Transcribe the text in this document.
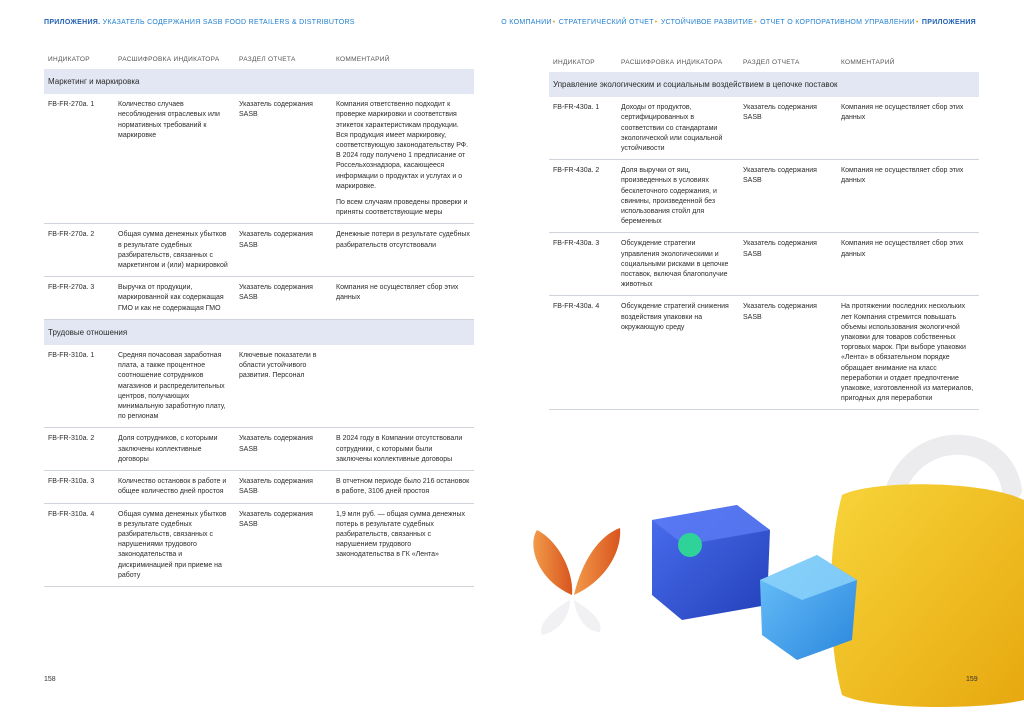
ПРИЛОЖЕНИЯ. УКАЗАТЕЛЬ СОДЕРЖАНИЯ SASB FOOD RETAILERS & DISTRIBUTORS
ИНДИКАТОР	РАСШИФРОВКА ИНДИКАТОРА	РАЗДЕЛ ОТЧЕТА	КОММЕНТАРИЙ
Маркетинг и маркировка			
FB-FR-270a. 1	Количество случаев несоблюдения отраслевых или нормативных требований к маркировке	Указатель содержания SASB	Компания ответственно подходит к проверке маркировки и соответствия этикеток характеристикам продукции. Вся продукция имеет маркировку, соответствующую законодательству РФ. В 2024 году получено 1 предписание от Россельхознадзора, касающееся информации о продуктах и услугах и о маркировке.

По всем случаям проведены проверки и приняты соответствующие меры

FB-FR-270a. 2	Общая сумма денежных убытков в результате судебных разбирательств, связанных с маркетингом и (или) маркировкой	Указатель содержания SASB	Денежные потери в результате судебных разбирательств отсутствовали

FB-FR-270a. 3	Выручка от продукции, маркированной как содержащая ГМО и как не содержащая ГМО	Указатель содержания SASB	Компания не осуществляет сбор этих данных

Трудовые отношения			
FB-FR-310a. 1	Средняя почасовая заработная плата, а также процентное соотношение сотрудников магазинов и распределительных центров, получающих минимальную заработную плату, по регионам	Ключевые показатели в области устойчивого развития. Персонал	

FB-FR-310a. 2	Доля сотрудников, с которыми заключены коллективные договоры	Указатель содержания SASB	В 2024 году в Компании отсутствовали сотрудники, с которыми были заключены коллективные договоры

FB-FR-310a. 3	Количество остановок в работе и общее количество дней простоя	Указатель содержания SASB	В отчетном периоде было 216 остановок в работе, 3106 дней простоя

FB-FR-310a. 4	Общая сумма денежных убытков в результате судебных разбирательств, связанных с нарушениями трудового законодательства и дискриминацией при приеме на работу	Указатель содержания SASB	1,9 млн руб. — общая сумма денежных потерь в результате судебных разбирательств, связанных с нарушением трудового законодательства в ГК «Лента»

158
О КОМПАНИИ• СТРАТЕГИЧЕСКИЙ ОТЧЕТ• УСТОЙЧИВОЕ РАЗВИТИЕ• ОТЧЕТ О КОРПОРАТИВНОМ УПРАВЛЕНИИ• ПРИЛОЖЕНИЯ
ИНДИКАТОР	РАСШИФРОВКА ИНДИКАТОРА	РАЗДЕЛ ОТЧЕТА	КОММЕНТАРИЙ
Управление экологическим и социальным воздействием в цепочке поставок			
FB-FR-430a. 1	Доходы от продуктов, сертифицированных в соответствии со стандартами экологической или социальной устойчивости	Указатель содержания SASB	Компания не осуществляет сбор этих данных
FB-FR-430a. 2	Доля выручки от яиц, произведенных в условиях бесклеточного содержания, и свинины, произведенной без использования стойл для беременных	Указатель содержания SASB	Компания не осуществляет сбор этих данных
FB-FR-430a. 3	Обсуждение стратегии управления экологическими и социальными рисками в цепочке поставок, включая благополучие животных	Указатель содержания SASB	Компания не осуществляет сбор этих данных
FB-FR-430a. 4	Обсуждение стратегий снижения воздействия упаковки на окружающую среду	Указатель содержания SASB	На протяжении последних нескольких лет Компания стремится повышать объемы использования экологичной упаковки для товаров собственных торговых марок. При выборе упаковки «Лента» в обязательном порядке обращает внимание на класс переработки и отдает предпочтение упаковке, изготовленной из материалов, пригодных для переработки
159
